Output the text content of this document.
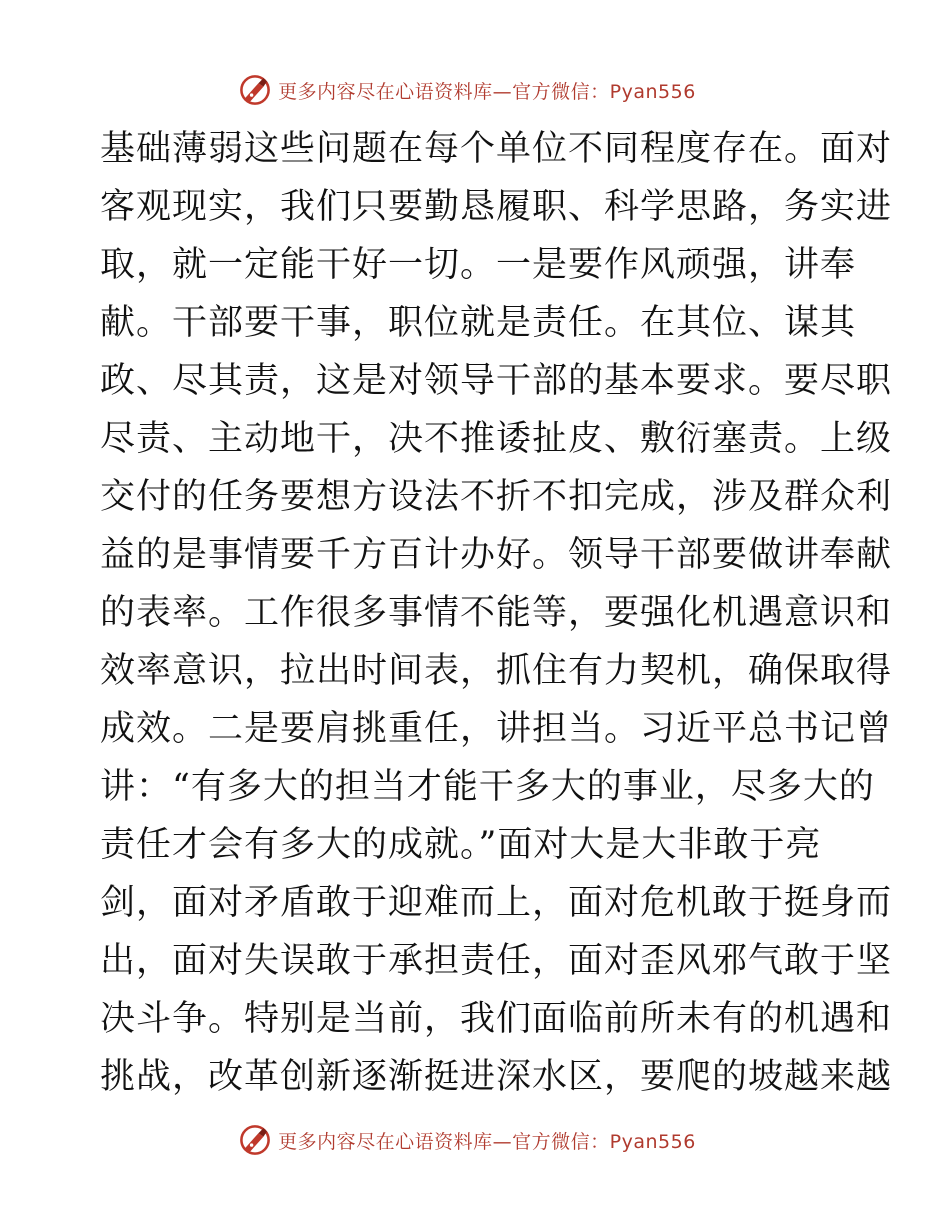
更多内容尽在心语资料库—官方微信：Pyan556
基础薄弱这些问题在每个单位不同程度存在。面对
客观现实，我们只要勤恳履职、科学思路，务实进
取，就一定能干好一切。一是要作风顽强，讲奉
献。干部要干事，职位就是责任。在其位、谋其
政、尽其责，这是对领导干部的基本要求。要尽职
尽责、主动地干，决不推诿扯皮、敷衍塞责。上级
交付的任务要想方设法不折不扣完成，涉及群众利
益的是事情要千方百计办好。领导干部要做讲奉献
的表率。工作很多事情不能等，要强化机遇意识和
效率意识，拉出时间表，抓住有力契机，确保取得
成效。二是要肩挑重任，讲担当。习近平总书记曾
讲：“有多大的担当才能干多大的事业，尽多大的
责任才会有多大的成就。”面对大是大非敢于亮
剑，面对矛盾敢于迎难而上，面对危机敢于挺身而
出，面对失误敢于承担责任，面对歪风邪气敢于坚
决斗争。特别是当前，我们面临前所未有的机遇和
挑战，改革创新逐渐挺进深水区，要爬的坡越来越
更多内容尽在心语资料库—官方微信：Pyan556
